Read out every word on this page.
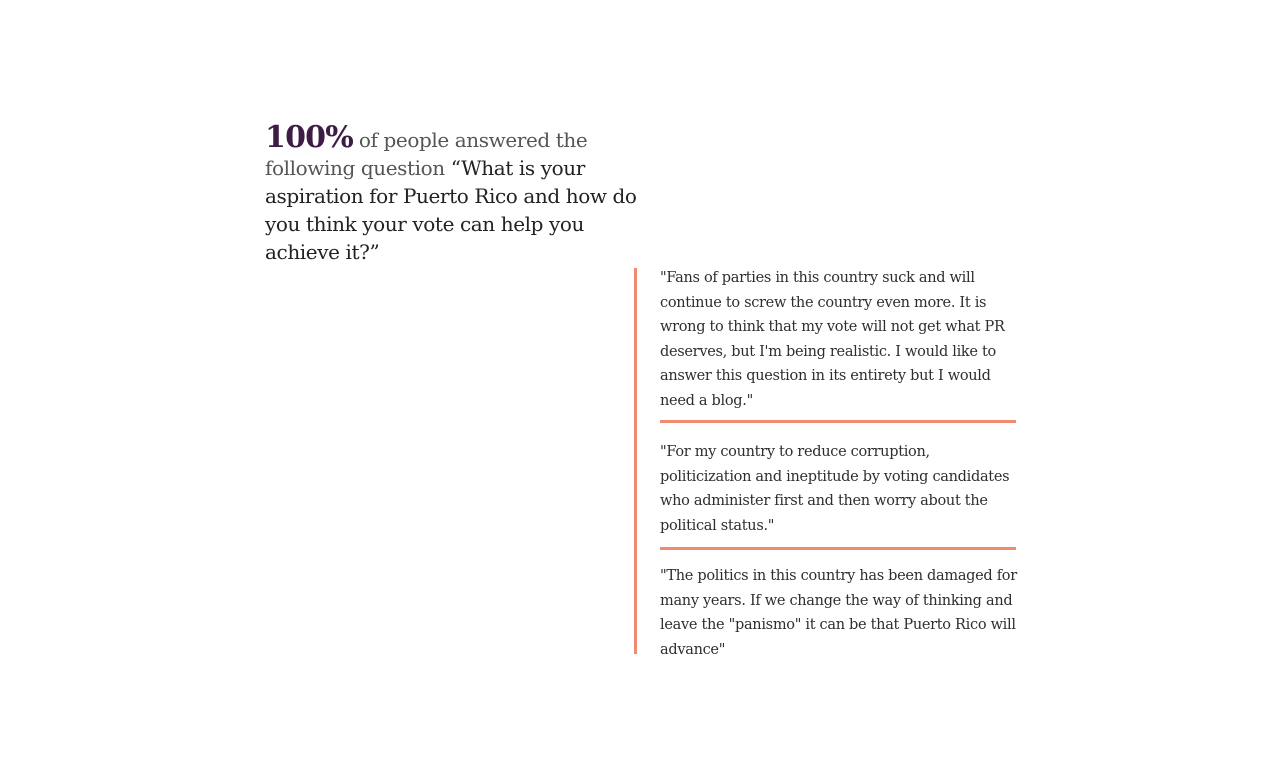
100% of people answered the following question “What is your aspiration for Puerto Rico and how do you think your vote can help you achieve it?”
"Fans of parties in this country suck and will continue to screw the country even more. It is wrong to think that my vote will not get what PR deserves, but I'm being realistic. I would like to answer this question in its entirety but I would need a blog."
"For my country to reduce corruption, politicization and ineptitude by voting candidates who administer first and then worry about the political status."
"The politics in this country has been damaged for many years. If we change the way of thinking and leave the "panismo" it can be that Puerto Rico will advance"
